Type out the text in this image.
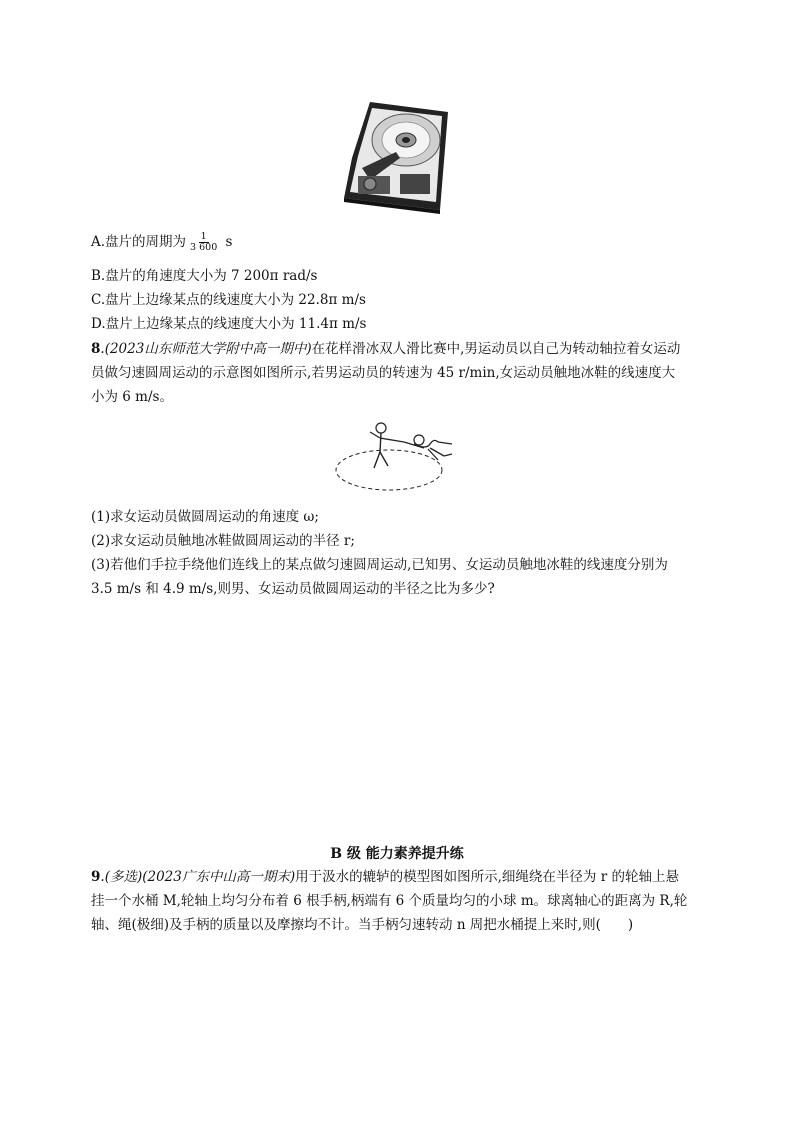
A.盘片的周期为 $\frac{1}{3 600}$ s
B.盘片的角速度大小为 7 200π rad/s
C.盘片上边缘某点的线速度大小为 22.8π m/s
D.盘片上边缘某点的线速度大小为 11.4π m/s
8.(2023山东师范大学附中高一期中)在花样滑冰双人滑比赛中,男运动员以自己为转动轴拉着女运动
员做匀速圆周运动的示意图如图所示,若男运动员的转速为 45 r/min,女运动员触地冰鞋的线速度大
小为 6 m/s。
(1)求女运动员做圆周运动的角速度 ω;
(2)求女运动员触地冰鞋做圆周运动的半径 r;
(3)若他们手拉手绕他们连线上的某点做匀速圆周运动,已知男、女运动员触地冰鞋的线速度分别为
3.5 m/s 和 4.9 m/s,则男、女运动员做圆周运动的半径之比为多少?
B 级 能力素养提升练
9.(多选)(2023广东中山高一期末)用于汲水的辘轳的模型图如图所示,细绳绕在半径为 r 的轮轴上悬
挂一个水桶 M,轮轴上均匀分布着 6 根手柄,柄端有 6 个质量均匀的小球 m。球离轴心的距离为 R,轮
轴、绳(极细)及手柄的质量以及摩擦均不计。当手柄匀速转动 n 周把水桶提上来时,则(　　)
